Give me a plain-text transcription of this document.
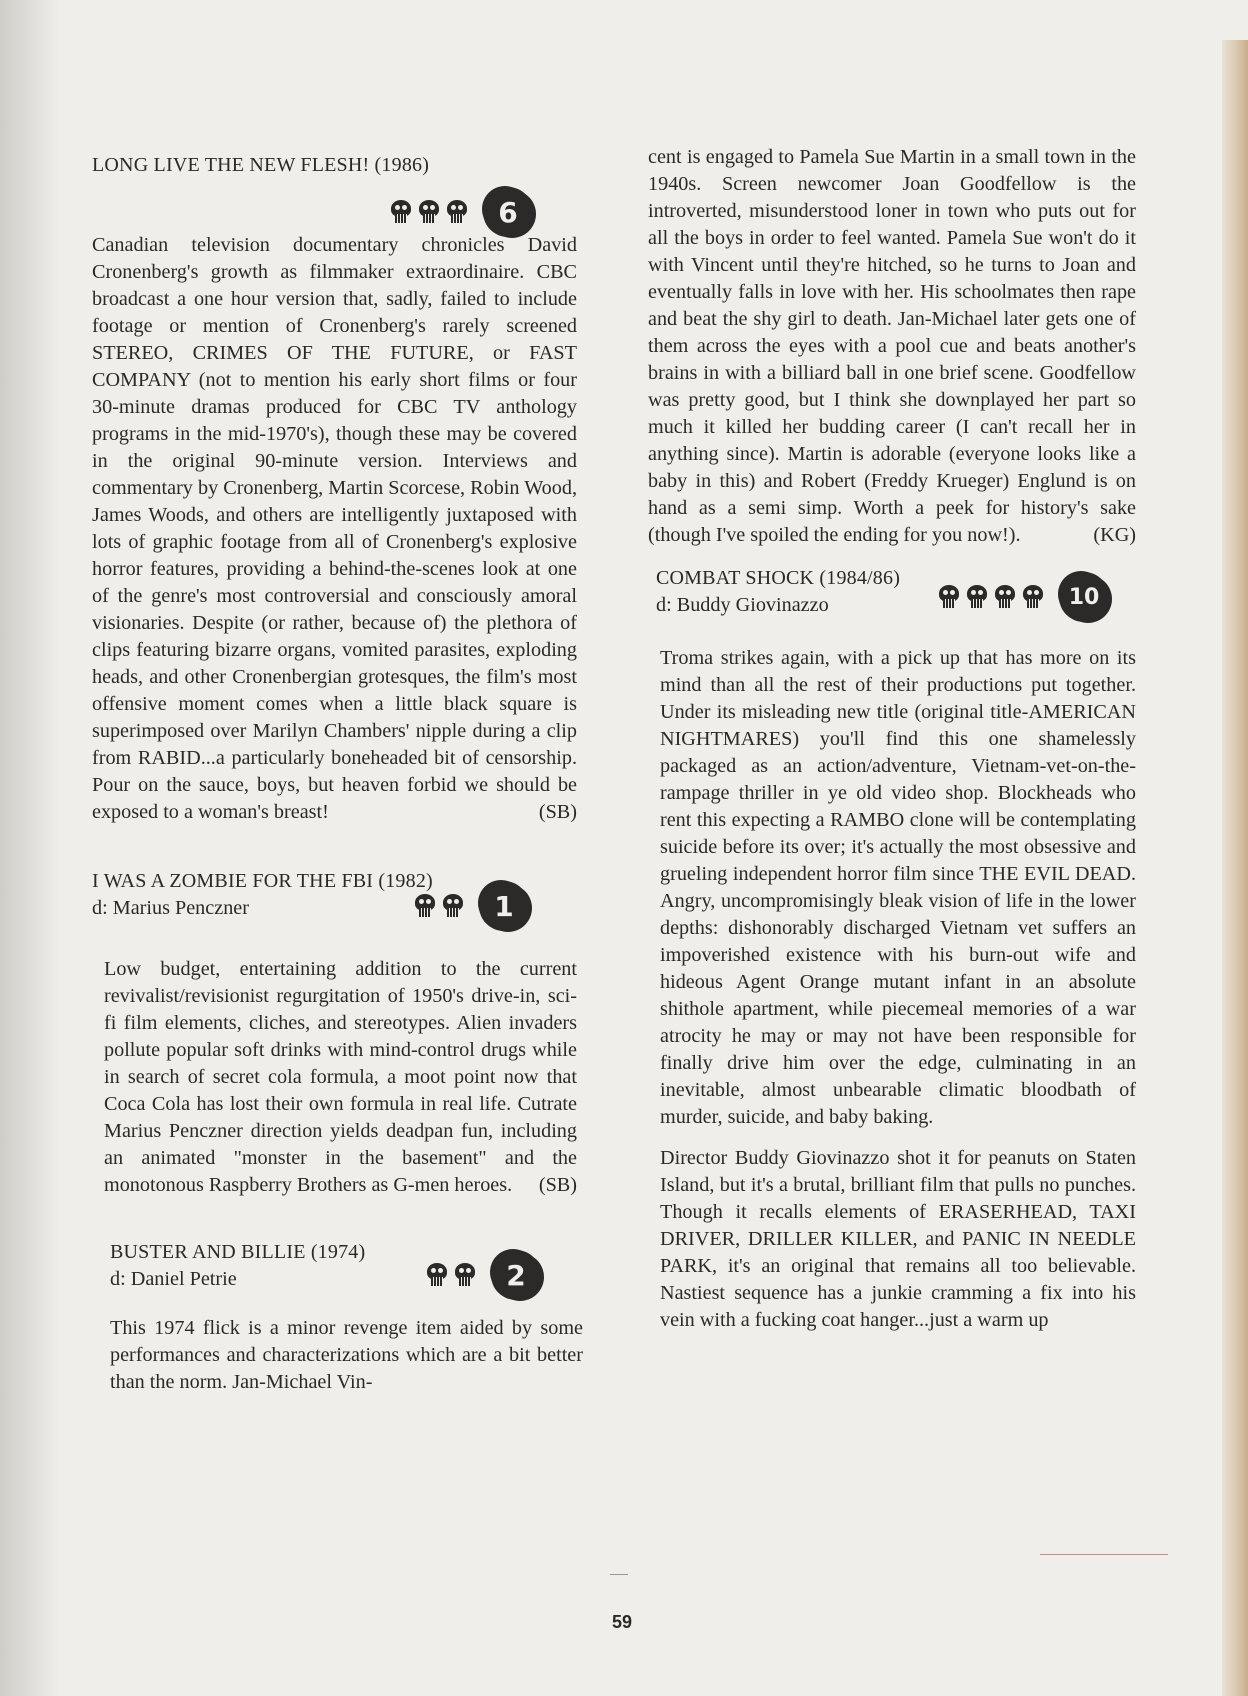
LONG LIVE THE NEW FLESH! (1986)
6

Canadian television documentary chronicles David Cronenberg's growth as filmmaker extraordinaire. CBC broadcast a one hour version that, sadly, failed to include footage or mention of Cronenberg's rarely screened STEREO, CRIMES OF THE FUTURE, or FAST COMPANY (not to mention his early short films or four 30-minute dramas produced for CBC TV anthology programs in the mid-1970's), though these may be covered in the original 90-minute version. Interviews and commentary by Cronenberg, Martin Scorcese, Robin Wood, James Woods, and others are intelligently juxtaposed with lots of graphic footage from all of Cronenberg's explosive horror features, providing a behind-the-scenes look at one of the genre's most controversial and consciously amoral visionaries. Despite (or rather, because of) the plethora of clips featuring bizarre organs, vomited parasites, exploding heads, and other Cronenbergian grotesques, the film's most offensive moment comes when a little black square is superimposed over Marilyn Chambers' nipple during a clip from RABID...a particularly boneheaded bit of censorship. Pour on the sauce, boys, but heaven forbid we should be exposed to a woman's breast!	(SB)

I WAS A ZOMBIE FOR THE FBI (1982)

d: Marius Penczner	1

Low budget, entertaining addition to the current revivalist/revisionist regurgitation of 1950's drive-in, sci-fi film elements, cliches, and stereotypes. Alien invaders pollute popular soft drinks with mind-control drugs while in search of secret cola formula, a moot point now that Coca Cola has lost their own formula in real life. Cutrate Marius Penczner direction yields deadpan fun, including an animated "monster in the basement" and the monotonous Raspberry Brothers as G-men heroes. (SB)

BUSTER AND BILLIE (1974)

d: Daniel Petrie	2

This 1974 flick is a minor revenge item aided by some performances and characterizations which are a bit better than the norm. Jan-Michael Vin-

cent is engaged to Pamela Sue Martin in a small town in the 1940s. Screen newcomer Joan Goodfellow is the introverted, misunderstood loner in town who puts out for all the boys in order to feel wanted. Pamela Sue won't do it with Vincent until they're hitched, so he turns to Joan and eventually falls in love with her. His schoolmates then rape and beat the shy girl to death. Jan-Michael later gets one of them across the eyes with a pool cue and beats another's brains in with a billiard ball in one brief scene. Goodfellow was pretty good, but I think she downplayed her part so much it killed her budding career (I can't recall her in anything since). Martin is adorable (everyone looks like a baby in this) and Robert (Freddy Krueger) Englund is on hand as a semi simp. Worth a peek for history's sake (though I've spoiled the ending for you now!).	(KG)

COMBAT SHOCK (1984/86)

d: Buddy Giovinazzo	10

Troma strikes again, with a pick up that has more on its mind than all the rest of their productions put together. Under its misleading new title (original title-AMERICAN NIGHTMARES) you'll find this one shamelessly packaged as an action/adventure, Vietnam-vet-on-the-rampage thriller in ye old video shop. Blockheads who rent this expecting a RAMBO clone will be contemplating suicide before its over; it's actually the most obsessive and grueling independent horror film since THE EVIL DEAD. Angry, uncompromisingly bleak vision of life in the lower depths: dishonorably discharged Vietnam vet suffers an impoverished existence with his burn-out wife and hideous Agent Orange mutant infant in an absolute shithole apartment, while piecemeal memories of a war atrocity he may or may not have been responsible for finally drive him over the edge, culminating in an inevitable, almost unbearable climatic bloodbath of murder, suicide, and baby baking.

Director Buddy Giovinazzo shot it for peanuts on Staten Island, but it's a brutal, brilliant film that pulls no punches. Though it recalls elements of ERASERHEAD, TAXI DRIVER, DRILLER KILLER, and PANIC IN NEEDLE PARK, it's an original that remains all too believable. Nastiest sequence has a junkie cramming a fix into his vein with a fucking coat hanger...just a warm up

59
